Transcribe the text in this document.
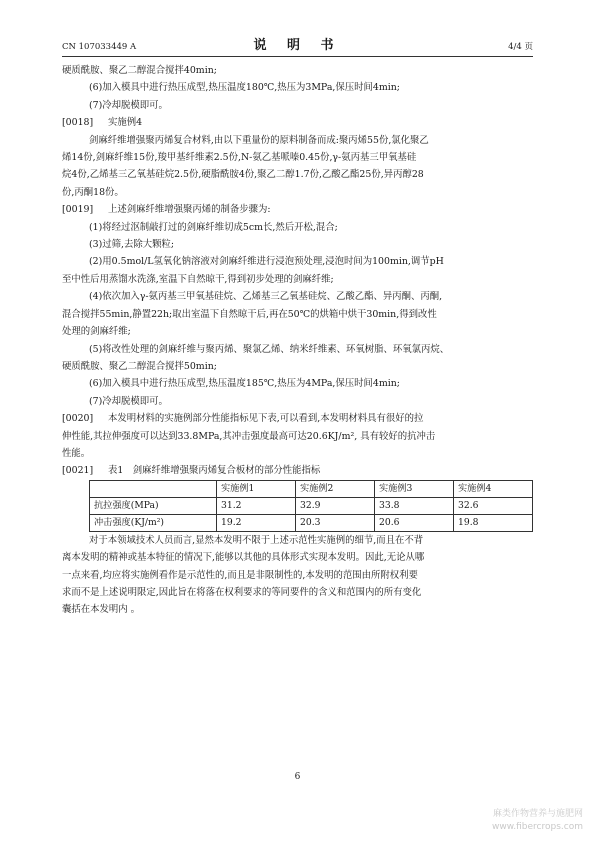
CN 107033449 A	说 明 书	4/4 页
硬质酰胺、聚乙二醇混合搅拌40min;
(6)加入模具中进行热压成型,热压温度180℃,热压为3MPa,保压时间4min;
(7)冷却脱模即可。
[0018]	实施例4
剑麻纤维增强聚丙烯复合材料,由以下重量份的原料制备而成:聚丙烯55份,氯化聚乙
烯14份,剑麻纤维15份,羧甲基纤维素2.5份,N-氨乙基哌嗪0.45份,γ-氨丙基三甲氧基硅
烷4份,乙烯基三乙氧基硅烷2.5份,硬脂酰胺4份,聚乙二醇1.7份,乙酸乙酯25份,异丙醇28
份,丙酮18份。
[0019]	上述剑麻纤维增强聚丙烯的制备步骤为:
(1)将经过沤制敲打过的剑麻纤维切成5cm长,然后开松,混合;
(3)过筛,去除大颗粒;
(2)用0.5mol/L氢氧化钠溶液对剑麻纤维进行浸泡预处理,浸泡时间为100min,调节pH
至中性后用蒸馏水洗涤,室温下自然晾干,得到初步处理的剑麻纤维;
(4)依次加入γ-氨丙基三甲氧基硅烷、乙烯基三乙氧基硅烷、乙酸乙酯、异丙酮、丙酮,
混合搅拌55min,静置22h;取出室温下自然晾干后,再在50℃的烘箱中烘干30min,得到改性
处理的剑麻纤维;
(5)将改性处理的剑麻纤维与聚丙烯、聚氯乙烯、纳米纤维素、环氧树脂、环氧氯丙烷、
硬质酰胺、聚乙二醇混合搅拌50min;
(6)加入模具中进行热压成型,热压温度185℃,热压为4MPa,保压时间4min;
(7)冷却脱模即可。
[0020]	本发明材料的实施例部分性能指标见下表,可以看到,本发明材料具有很好的拉
伸性能,其拉伸强度可以达到33.8MPa,其冲击强度最高可达20.6KJ/m², 具有较好的抗冲击
性能。
[0021]	表1　剑麻纤维增强聚丙烯复合板材的部分性能指标
	实施例1	实施例2	实施例3	实施例4
抗拉强度(MPa)	31.2	32.9	33.8	32.6
冲击强度(KJ/m²)	19.2	20.3	20.6	19.8
对于本领域技术人员而言,显然本发明不限于上述示范性实施例的细节,而且在不背
离本发明的精神或基本特征的情况下,能够以其他的具体形式实现本发明。因此,无论从哪
一点来看,均应将实施例看作是示范性的,而且是非限制性的,本发明的范围由所附权利要
求而不是上述说明限定,因此旨在将落在权利要求的等同要件的含义和范围内的所有变化
囊括在本发明内 。
6
麻类作物营养与施肥网
www.fibercrops.com
